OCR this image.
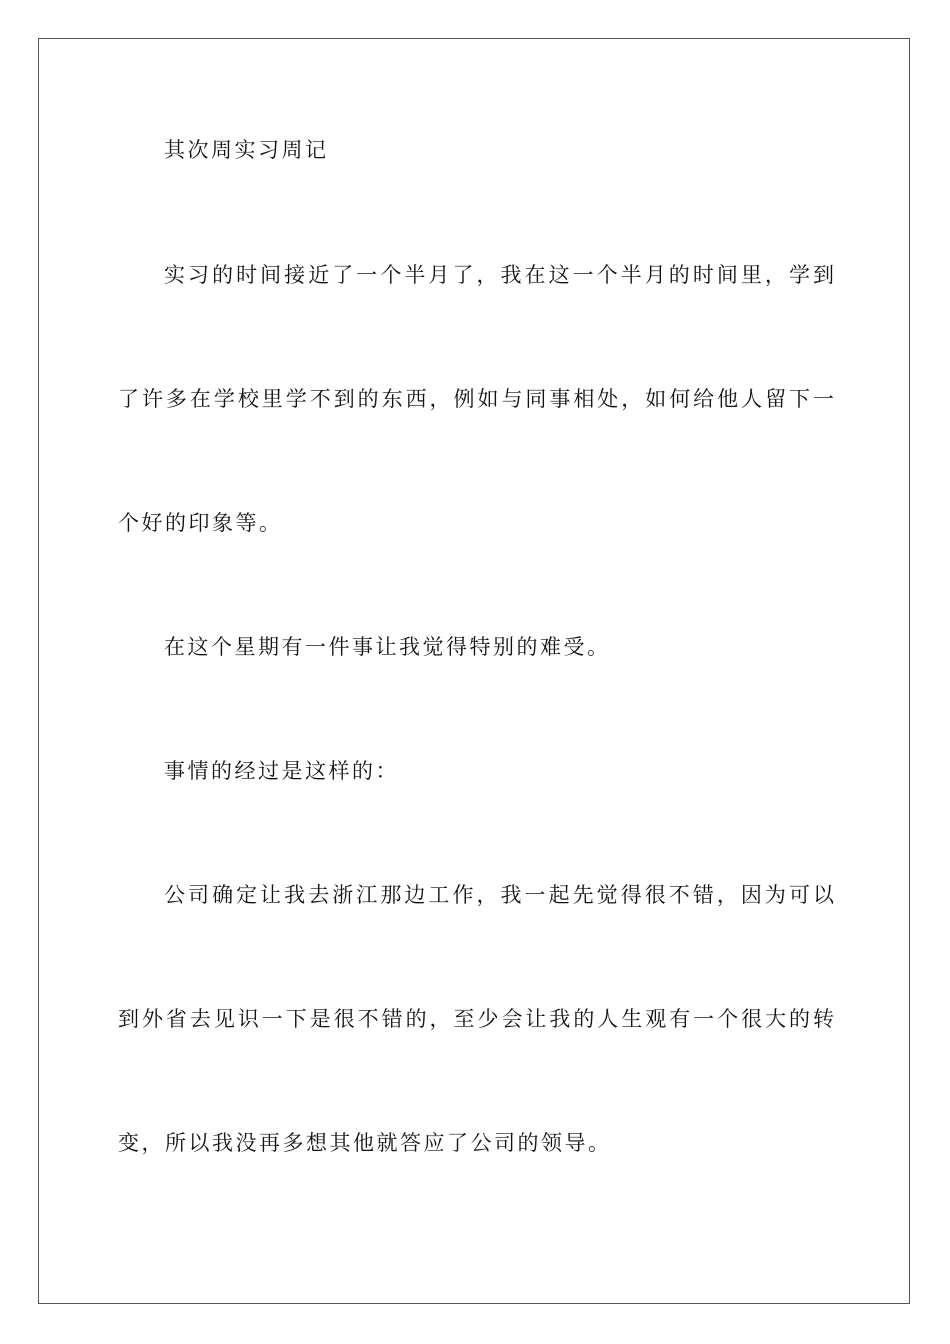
其次周实习周记
实习的时间接近了一个半月了，我在这一个半月的时间里，学到
了许多在学校里学不到的东西，例如与同事相处，如何给他人留下一
个好的印象等。
在这个星期有一件事让我觉得特别的难受。
事情的经过是这样的：
公司确定让我去浙江那边工作，我一起先觉得很不错，因为可以
到外省去见识一下是很不错的，至少会让我的人生观有一个很大的转
变，所以我没再多想其他就答应了公司的领导。
